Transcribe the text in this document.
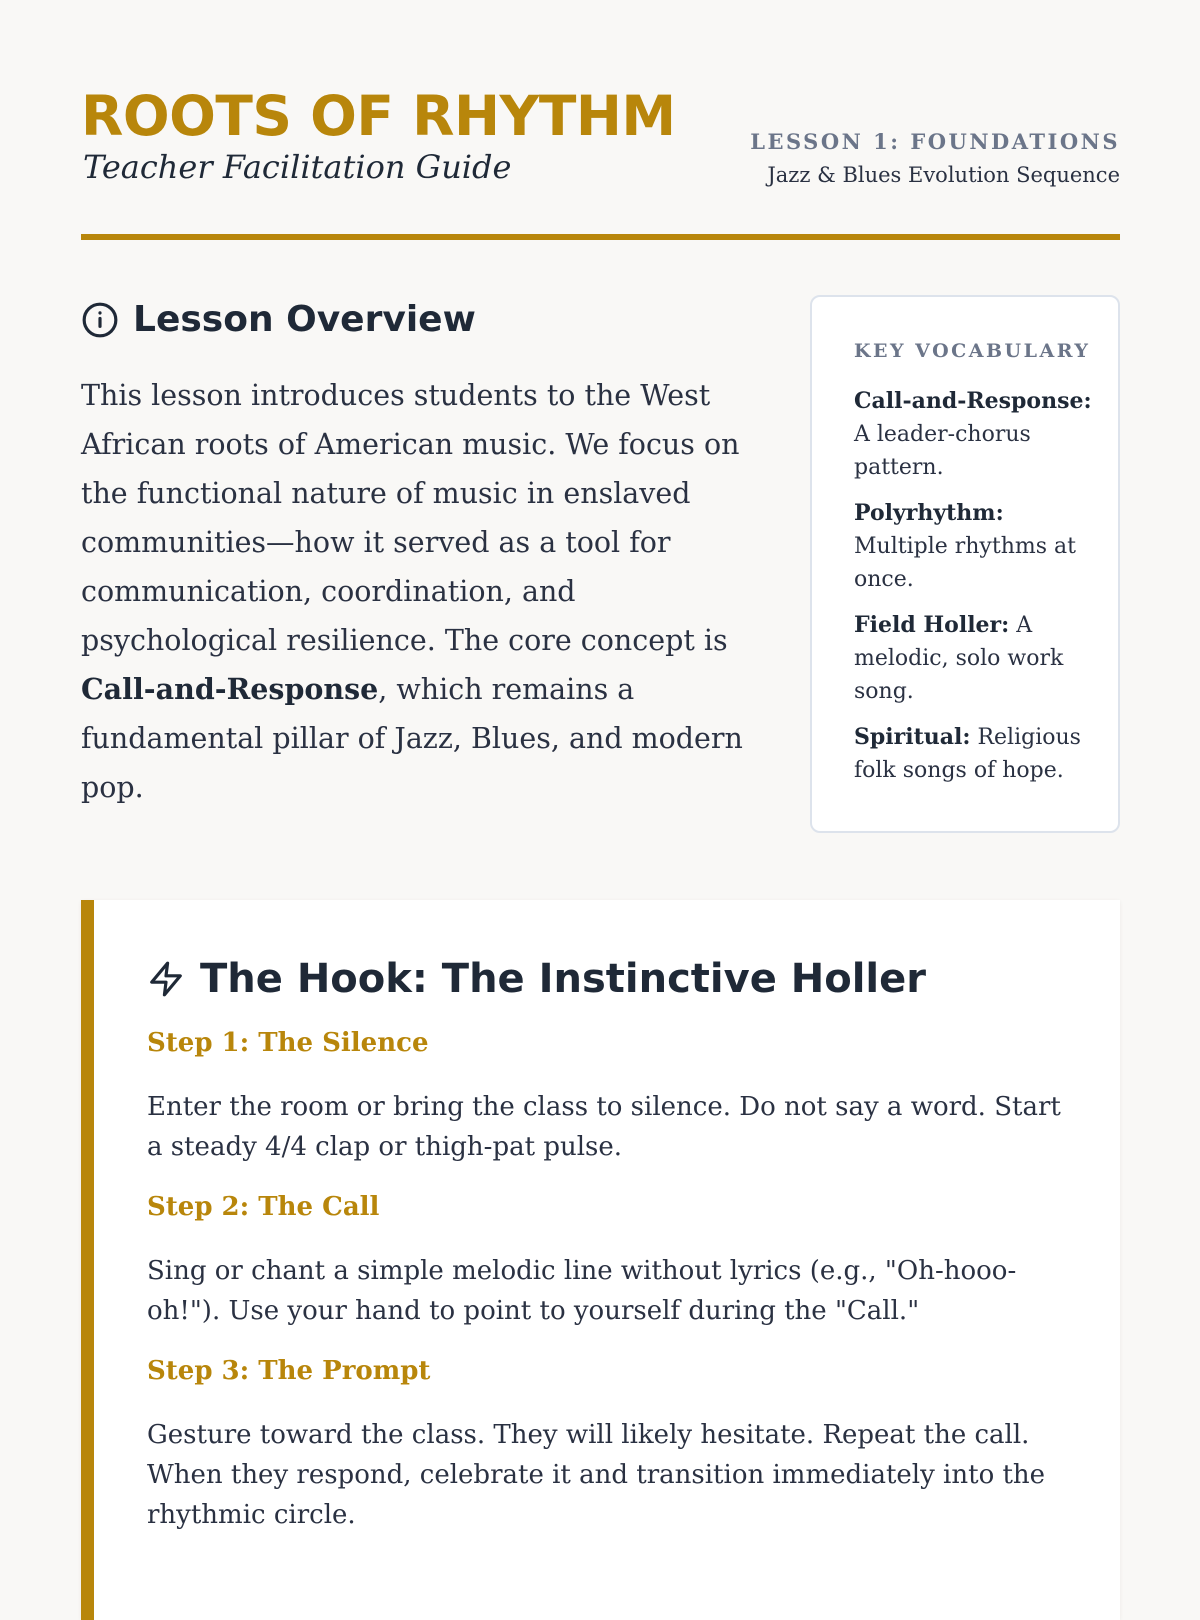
ROOTS OF RHYTHM

Teacher Facilitation Guide

LESSON 1: FOUNDATIONS
Jazz & Blues Evolution Sequence
Lesson Overview

This lesson introduces students to the West African roots of American music. We focus on the functional nature of music in enslaved communities—how it served as a tool for communication, coordination, and psychological resilience. The core concept is Call-and-Response, which remains a fundamental pillar of Jazz, Blues, and modern pop.

KEY VOCABULARY

Call-and-Response: A leader-chorus pattern.

Polyrhythm: Multiple rhythms at once.

Field Holler: A melodic, solo work song.

Spiritual: Religious folk songs of hope.

The Hook: The Instinctive Holler
Step 1: The Silence

Enter the room or bring the class to silence. Do not say a word. Start a steady 4/4 clap or thigh-pat pulse.

Step 2: The Call

Sing or chant a simple melodic line without lyrics (e.g., "Oh-hooo-oh!"). Use your hand to point to yourself during the "Call."

Step 3: The Prompt

Gesture toward the class. They will likely hesitate. Repeat the call. When they respond, celebrate it and transition immediately into the rhythmic circle.
